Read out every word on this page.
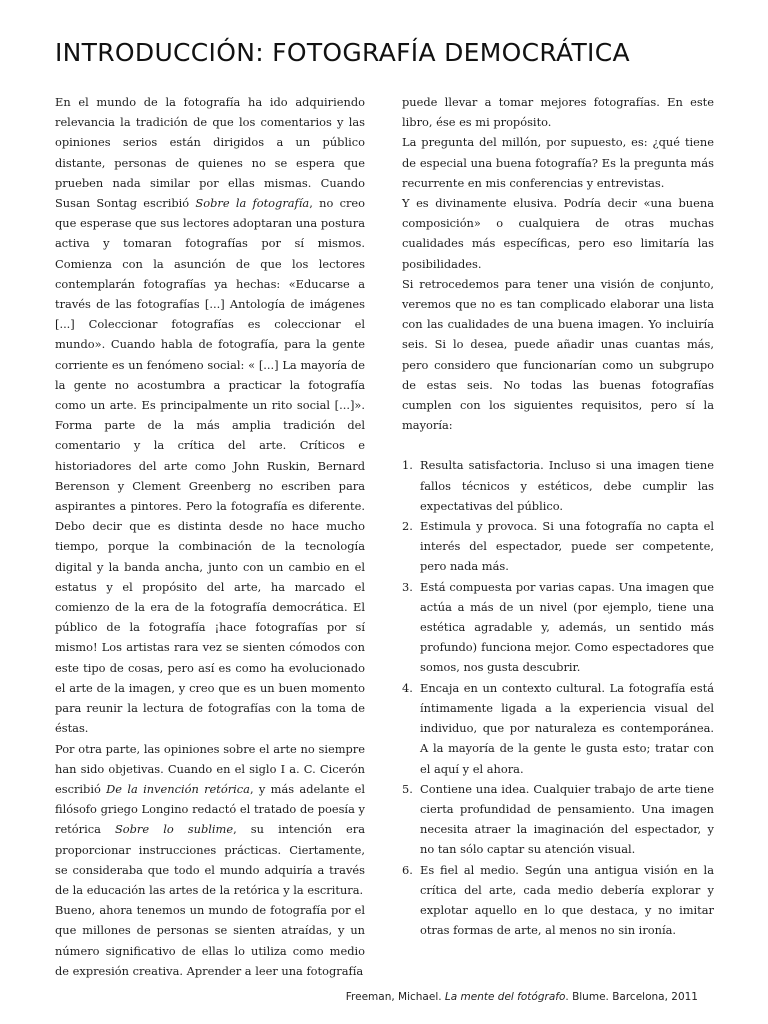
INTRODUCCIÓN: FOTOGRAFÍA DEMOCRÁTICA

En el mundo de la fotografía ha ido adquiriendo relevancia la tradición de que los comentarios y las opiniones serios están dirigidos a un público distante, personas de quienes no se espera que prueben nada similar por ellas mismas. Cuando Susan Sontag escribió Sobre la fotografía, no creo que esperase que sus lectores adoptaran una postura activa y tomaran fotografías por sí mismos. Comienza con la asunción de que los lectores contemplarán fotografías ya hechas: «Educarse a través de las fotografías [...] Antología de imágenes [...] Coleccionar fotografías es coleccionar el mundo». Cuando habla de fotografía, para la gente corriente es un fenómeno social: « [...] La mayoría de la gente no acostumbra a practicar la fotografía como un arte. Es principalmente un rito social [...]». Forma parte de la más amplia tradición del comentario y la crítica del arte. Críticos e historiadores del arte como John Ruskin, Bernard Berenson y Clement Greenberg no escriben para aspirantes a pintores. Pero la fotografía es diferente. Debo decir que es distinta desde no hace mucho tiempo, porque la combinación de la tecnología digital y la banda ancha, junto con un cambio en el estatus y el propósito del arte, ha marcado el comienzo de la era de la fotografía democrática. El público de la fotografía ¡hace fotografías por sí mismo! Los artistas rara vez se sienten cómodos con este tipo de cosas, pero así es como ha evolucionado el arte de la imagen, y creo que es un buen momento para reunir la lectura de fotografías con la toma de éstas.

Por otra parte, las opiniones sobre el arte no siempre han sido objetivas. Cuando en el siglo I a. C. Cicerón escribió De la invención retórica, y más adelante el filósofo griego Longino redactó el tratado de poesía y retórica Sobre lo sublime, su intención era proporcionar instrucciones prácticas. Ciertamente, se consideraba que todo el mundo adquiría a través de la educación las artes de la retórica y la escritura.

Bueno, ahora tenemos un mundo de fotografía por el que millones de personas se sienten atraídas, y un número significativo de ellas lo utiliza como medio de expresión creativa. Aprender a leer una fotografía

puede llevar a tomar mejores fotografías. En este libro, ése es mi propósito.

La pregunta del millón, por supuesto, es: ¿qué tiene de especial una buena fotografía? Es la pregunta más recurrente en mis conferencias y entrevistas.

Y es divinamente elusiva. Podría decir «una buena composición» o cualquiera de otras muchas cualidades más específicas, pero eso limitaría las posibilidades.

Si retrocedemos para tener una visión de conjunto, veremos que no es tan complicado elaborar una lista con las cualidades de una buena imagen. Yo incluiría seis. Si lo desea, puede añadir unas cuantas más, pero considero que funcionarían como un subgrupo de estas seis. No todas las buenas fotografías cumplen con los siguientes requisitos, pero sí la mayoría:

1. Resulta satisfactoria. Incluso si una imagen tiene fallos técnicos y estéticos, debe cumplir las expectativas del público.
2. Estimula y provoca. Si una fotografía no capta el interés del espectador, puede ser competente, pero nada más.
3. Está compuesta por varias capas. Una imagen que actúa a más de un nivel (por ejemplo, tiene una estética agradable y, además, un sentido más profundo) funciona mejor. Como espectadores que somos, nos gusta descubrir.
4. Encaja en un contexto cultural. La fotografía está íntimamente ligada a la experiencia visual del individuo, que por naturaleza es contemporánea. A la mayoría de la gente le gusta esto; tratar con el aquí y el ahora.
5. Contiene una idea. Cualquier trabajo de arte tiene cierta profundidad de pensamiento. Una imagen necesita atraer la imaginación del espectador, y no tan sólo captar su atención visual.
6. Es fiel al medio. Según una antigua visión en la crítica del arte, cada medio debería explorar y explotar aquello en lo que destaca, y no imitar otras formas de arte, al menos no sin ironía.
Freeman, Michael. La mente del fotógrafo. Blume. Barcelona, 2011
